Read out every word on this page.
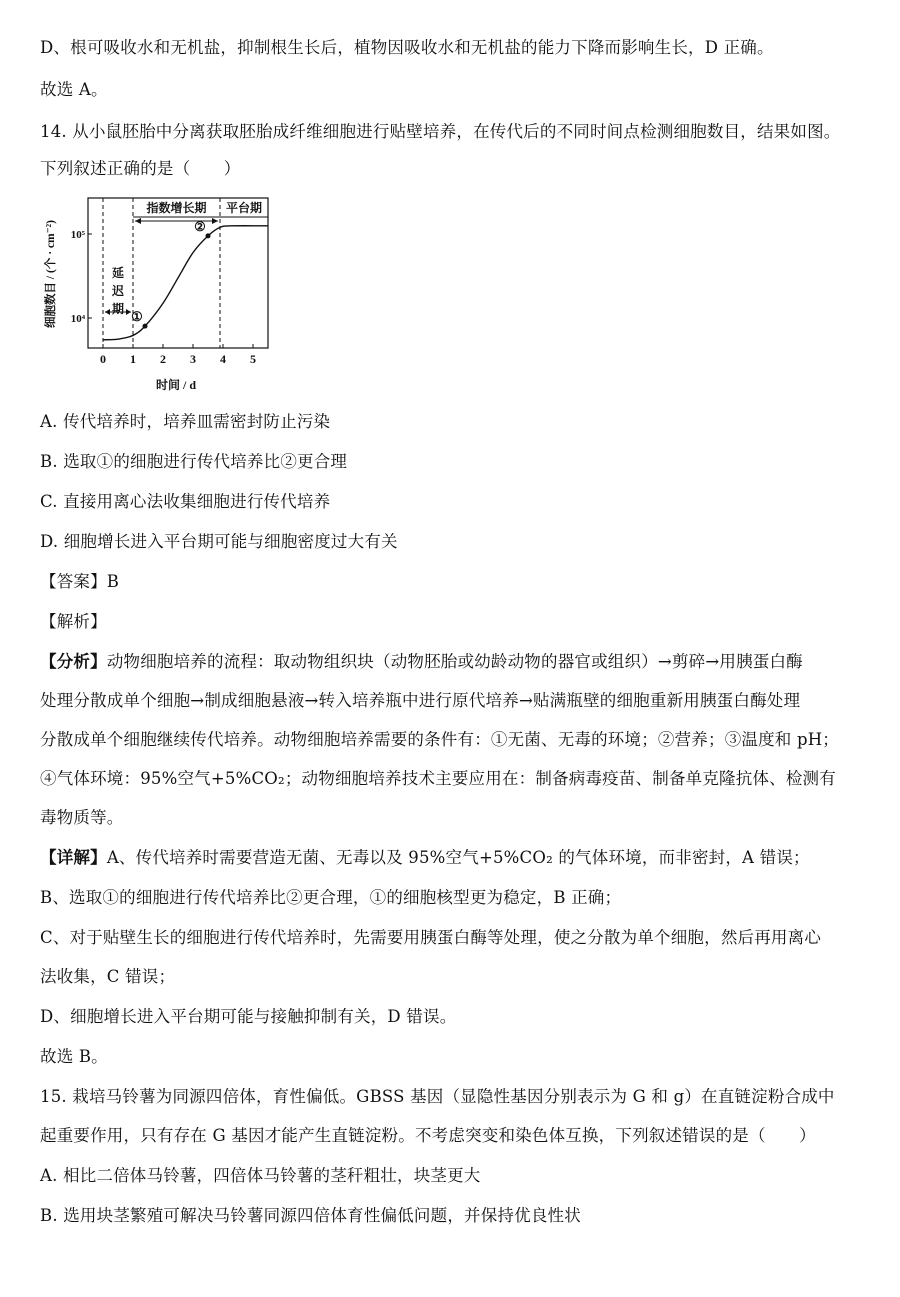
D、根可吸收水和无机盐，抑制根生长后，植物因吸收水和无机盐的能力下降而影响生长，D 正确。
故选 A。
14. 从小鼠胚胎中分离获取胚胎成纤维细胞进行贴壁培养，在传代后的不同时间点检测细胞数目，结果如图。
下列叙述正确的是（　　）
A. 传代培养时，培养皿需密封防止污染
B. 选取①的细胞进行传代培养比②更合理
C. 直接用离心法收集细胞进行传代培养
D. 细胞增长进入平台期可能与细胞密度过大有关
【答案】B
【解析】
【分析】动物细胞培养的流程：取动物组织块（动物胚胎或幼龄动物的器官或组织）→剪碎→用胰蛋白酶
处理分散成单个细胞→制成细胞悬液→转入培养瓶中进行原代培养→贴满瓶壁的细胞重新用胰蛋白酶处理
分散成单个细胞继续传代培养。动物细胞培养需要的条件有：①无菌、无毒的环境；②营养；③温度和 pH；
④气体环境：95%空气+5%CO₂；动物细胞培养技术主要应用在：制备病毒疫苗、制备单克隆抗体、检测有
毒物质等。
【详解】A、传代培养时需要营造无菌、无毒以及 95%空气+5%CO₂ 的气体环境，而非密封，A 错误；
B、选取①的细胞进行传代培养比②更合理，①的细胞核型更为稳定，B 正确；
C、对于贴壁生长的细胞进行传代培养时，先需要用胰蛋白酶等处理，使之分散为单个细胞，然后再用离心
法收集，C 错误；
D、细胞增长进入平台期可能与接触抑制有关，D 错误。
故选 B。
15. 栽培马铃薯为同源四倍体，育性偏低。GBSS 基因（显隐性基因分别表示为 G 和 g）在直链淀粉合成中
起重要作用，只有存在 G 基因才能产生直链淀粉。不考虑突变和染色体互换，下列叙述错误的是（　　）
A. 相比二倍体马铃薯，四倍体马铃薯的茎秆粗壮，块茎更大
B. 选用块茎繁殖可解决马铃薯同源四倍体育性偏低问题，并保持优良性状
细胞数目 / (个 · cm⁻²)
时间 / d
0 1 2 3 4 5
10⁴
10⁵
指数增长期 平台期
延
迟
期
①
②
